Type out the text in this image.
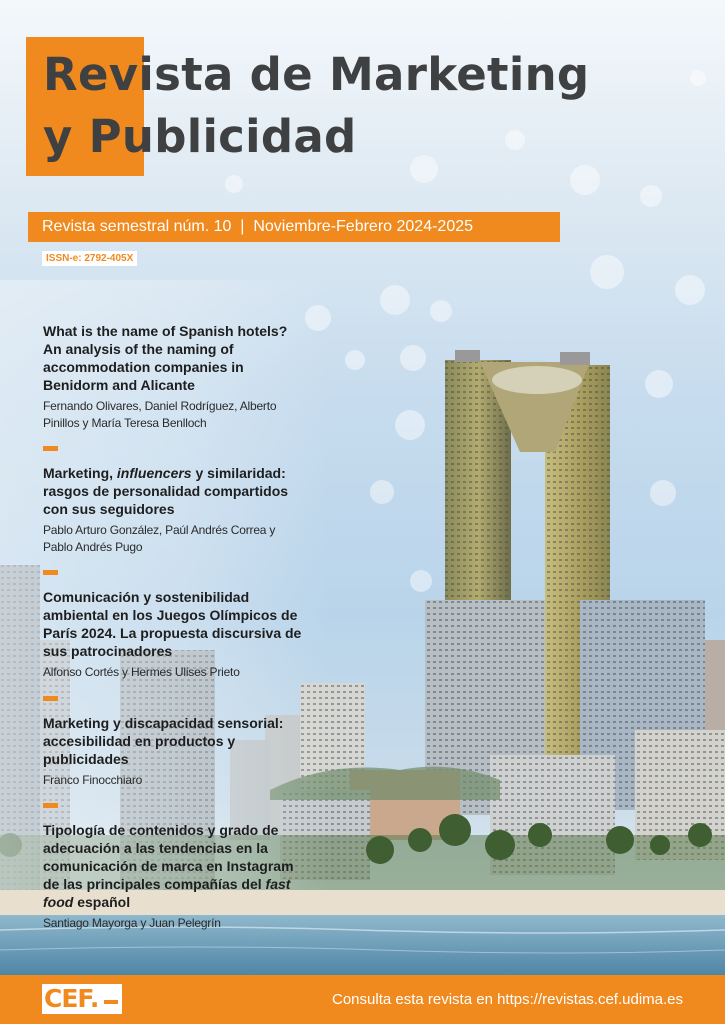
Revista de Marketing
y Publicidad
Revista semestral núm. 10  |  Noviembre-Febrero 2024-2025
ISSN-e: 2792-405X
What is the name of Spanish hotels? An analysis of the naming of accommodation companies in Benidorm and Alicante
Fernando Olivares, Daniel Rodríguez, Alberto Pinillos y María Teresa Benlloch
Marketing, influencers y similaridad: rasgos de personalidad compartidos con sus seguidores
Pablo Arturo González, Paúl Andrés Correa y Pablo Andrés Pugo
Comunicación y sostenibilidad ambiental en los Juegos Olímpicos de París 2024. La propuesta discursiva de sus patrocinadores
Alfonso Cortés y Hermes Ulises Prieto
Marketing y discapacidad sensorial: accesibilidad en productos y publicidades
Franco Finocchiaro
Tipología de contenidos y grado de adecuación a las tendencias en la comunicación de marca en Instagram de las principales compañías del fast food español
Santiago Mayorga y Juan Pelegrín
CEF.	Consulta esta revista en https://revistas.cef.udima.es
